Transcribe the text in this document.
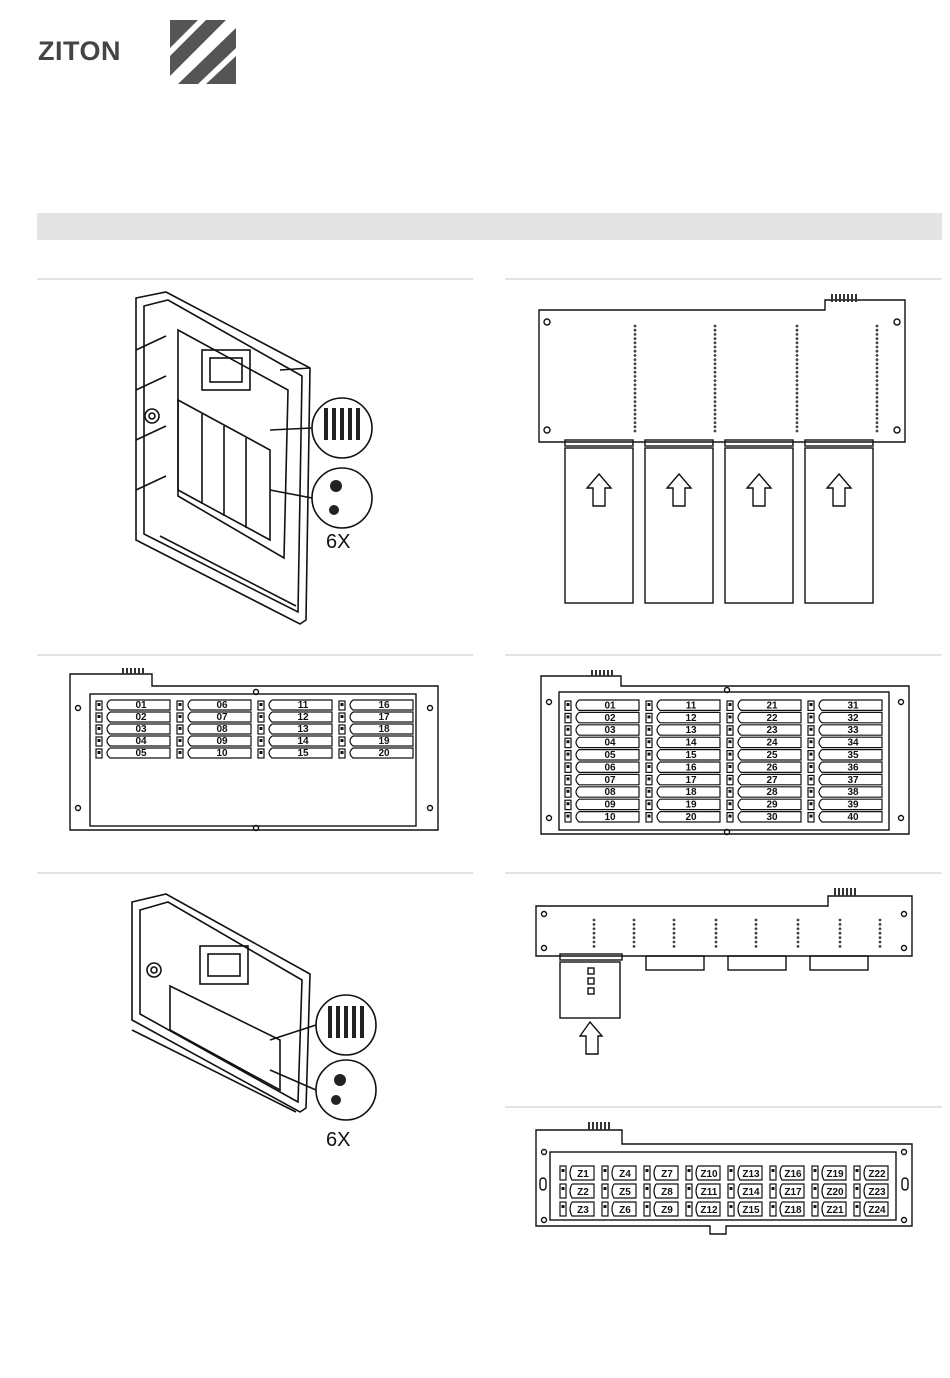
ZITON
6X
01
02
03
04
05
06
07
08
09
10
11
12
13
14
15
16
17
18
19
20
01
02
03
04
05
06
07
08
09
10
11
12
13
14
15
16
17
18
19
20
21
22
23
24
25
26
27
28
29
30
31
32
33
34
35
36
37
38
39
40
6X
Z1
Z2
Z3
Z4
Z5
Z6
Z7
Z8
Z9
Z10
Z11
Z12
Z13
Z14
Z15
Z16
Z17
Z18
Z19
Z20
Z21
Z22
Z23
Z24
